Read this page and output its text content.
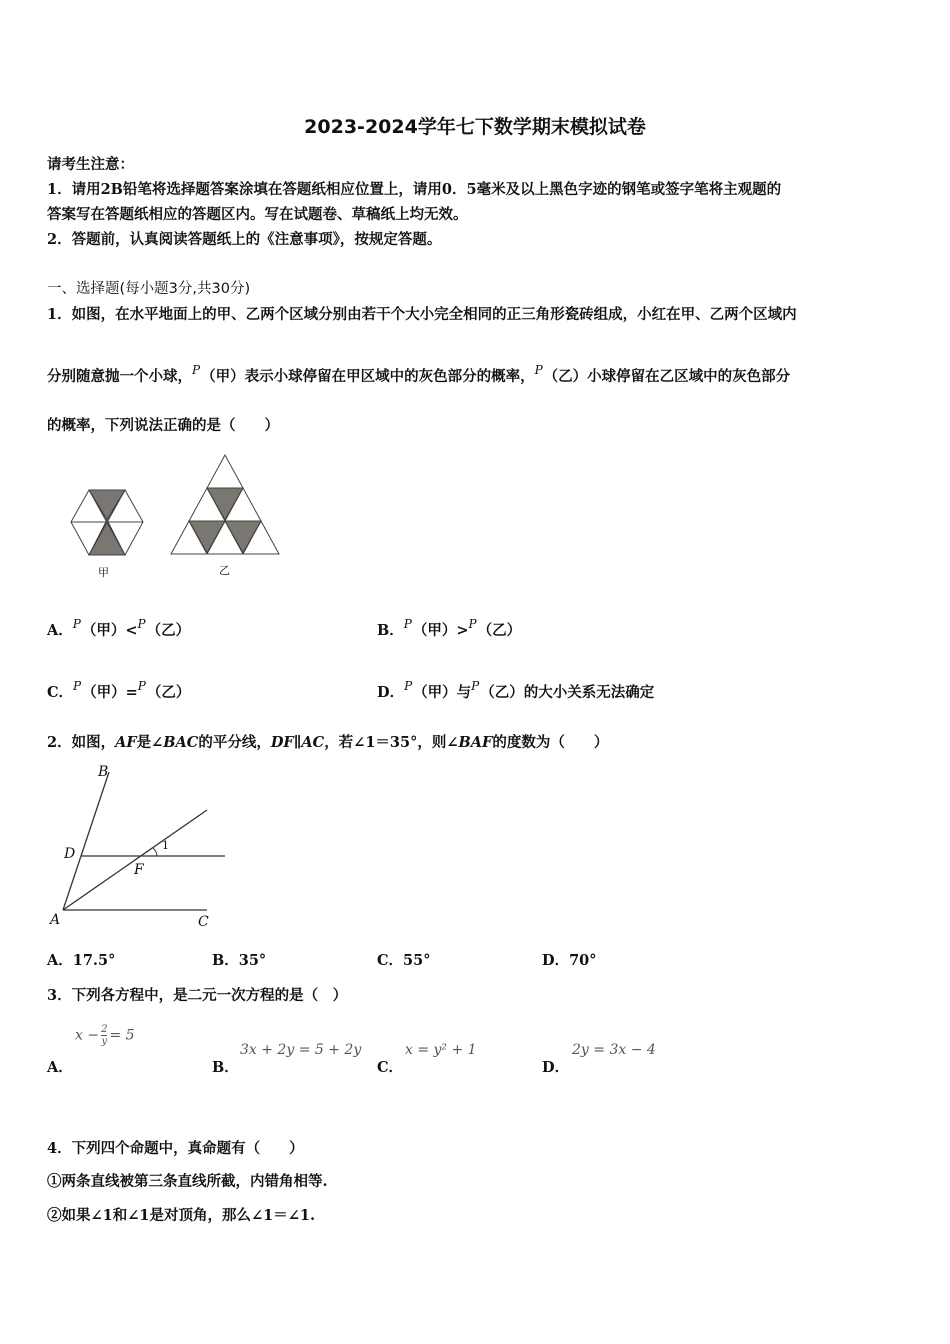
2023-2024学年七下数学期末模拟试卷
请考生注意：
1．请用2B铅笔将选择题答案涂填在答题纸相应位置上，请用0．5毫米及以上黑色字迹的钢笔或签字笔将主观题的
答案写在答题纸相应的答题区内。写在试题卷、草稿纸上均无效。
2．答题前，认真阅读答题纸上的《注意事项》，按规定答题。
一、选择题(每小题3分,共30分)
1．如图，在水平地面上的甲、乙两个区域分别由若干个大小完全相同的正三角形瓷砖组成，小红在甲、乙两个区域内
分别随意抛一个小球，$^P$（甲）表示小球停留在甲区域中的灰色部分的概率，$^P$（乙）小球停留在乙区域中的灰色部分
的概率，下列说法正确的是（　　）
甲	乙
A．$^P$（甲）<$^P$（乙）	B．$^P$（甲）>$^P$（乙）
C．$^P$（甲）=$^P$（乙）	D．$^P$（甲）与$^P$（乙）的大小关系无法确定
2．如图，AF是∠BAC的平分线，DF∥AC，若∠1＝35°，则∠BAF的度数为（　　）
B
D
F
1
A	C
A．17.5°	B．35°	C．55°	D．70°
3．下列各方程中，是二元一次方程的是（　）
$x - \frac{2}{y} = 5$
A．
3x + 2y = 5 + 2y
B．
x = y² + 1
C．
2y = 3x − 4
D．
4．下列四个命题中，真命题有（　　）
①两条直线被第三条直线所截，内错角相等.
②如果∠1和∠1是对顶角，那么∠1＝∠1.
